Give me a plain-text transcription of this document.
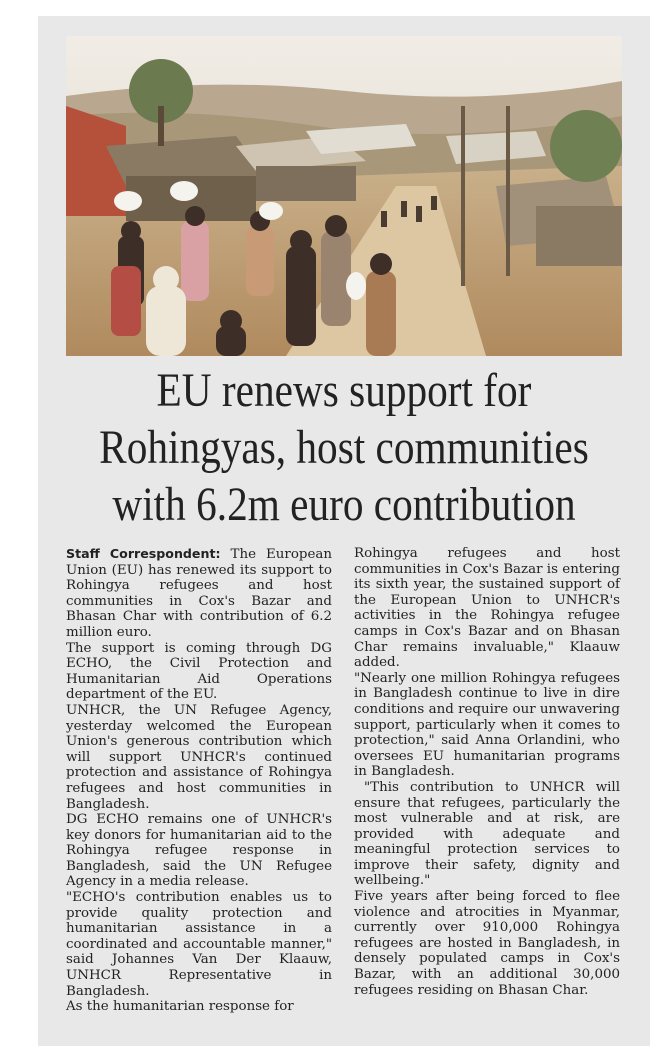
EU renews support for
Rohingyas, host communities
with 6.2m euro contribution

Staff Correspondent: The European Union (EU) has renewed its support to Rohingya refugees and host communities in Cox's Bazar and Bhasan Char with contribution of 6.2 million euro.

The support is coming through DG ECHO, the Civil Protection and Humanitarian Aid Operations department of the EU.

UNHCR, the UN Refugee Agency, yesterday welcomed the European Union's generous contribution which will support UNHCR's continued protection and assistance of Rohingya refugees and host communities in Bangladesh.

DG ECHO remains one of UNHCR's key donors for humanitarian aid to the Rohingya refugee response in Bangladesh, said the UN Refugee Agency in a media release.

"ECHO's contribution enables us to provide quality protection and humanitarian assistance in a coordinated and accountable manner," said Johannes Van Der Klaauw, UNHCR Representative in Bangladesh.

As the humanitarian response for

Rohingya refugees and host communities in Cox's Bazar is entering its sixth year, the sustained support of the European Union to UNHCR's activities in the Rohingya refugee camps in Cox's Bazar and on Bhasan Char remains invaluable," Klaauw added.

"Nearly one million Rohingya refugees in Bangladesh continue to live in dire conditions and require our unwavering support, particularly when it comes to protection," said Anna Orlandini, who oversees EU humanitarian programs in Bangladesh.

"This contribution to UNHCR will ensure that refugees, particularly the most vulnerable and at risk, are provided with adequate and meaningful protection services to improve their safety, dignity and wellbeing."

Five years after being forced to flee violence and atrocities in Myanmar, currently over 910,000 Rohingya refugees are hosted in Bangladesh, in densely populated camps in Cox's Bazar, with an additional 30,000 refugees residing on Bhasan Char.
